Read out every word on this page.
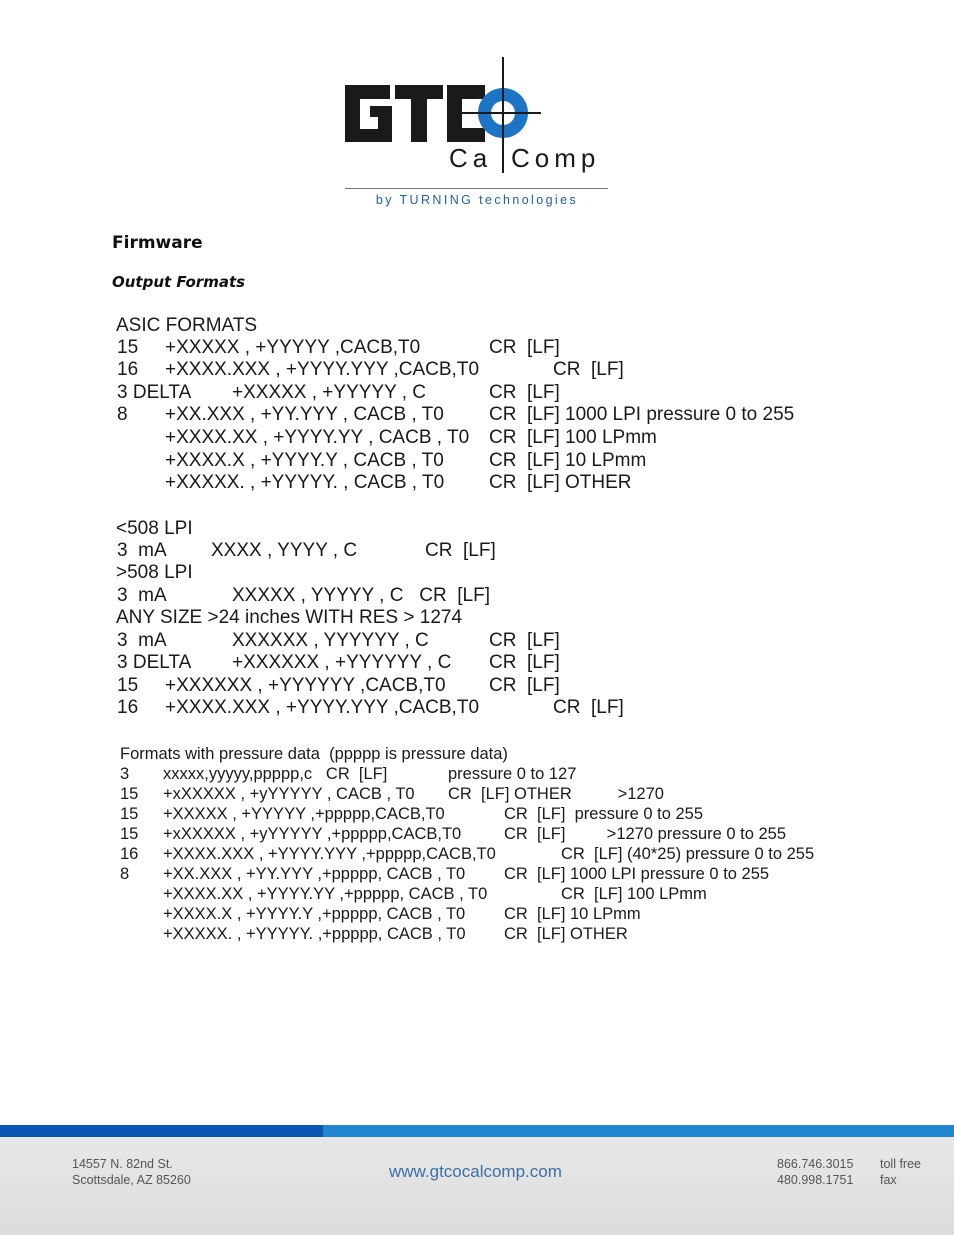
Ca Comp
by TURNING technologies
Firmware
Output Formats
ASIC FORMATS
15 +XXXXX , +YYYYY ,CACB,T0	CR  [LF]
16 +XXXX.XXX , +YYYY.YYY ,CACB,T0	CR  [LF]
3 DELTA +XXXXX , +YYYYY , C	CR  [LF]
8 +XX.XXX , +YY.YYY , CACB , T0 CR  [LF] 1000 LPI pressure 0 to 255
+XXXX.XX , +YYYY.YY , CACB , T0 CR  [LF] 100 LPmm
+XXXX.X , +YYYY.Y , CACB , T0 CR  [LF] 10 LPmm
+XXXXX. , +YYYYY. , CACB , T0 CR  [LF] OTHER
<508 LPI
3  mA XXXX , YYYY , C	CR  [LF]
>508 LPI
3  mA	XXXXX , YYYYY , C   CR  [LF]
ANY SIZE >24 inches WITH RES > 1274
3  mA	XXXXXX , YYYYYY , C	CR  [LF]
3 DELTA +XXXXXX , +YYYYYY , C CR  [LF]
15 +XXXXXX , +YYYYYY ,CACB,T0 CR  [LF]
16 +XXXX.XXX , +YYYY.YYY ,CACB,T0	CR  [LF]
Formats with pressure data  (ppppp is pressure data)
3 xxxxx,yyyyy,ppppp,c   CR  [LF]	pressure 0 to 127
15 +xXXXXX , +yYYYYY , CACB , T0 CR  [LF] OTHER          >1270
15 +XXXXX , +YYYYY ,+ppppp,CACB,T0	CR  [LF]  pressure 0 to 255
15 +xXXXXX , +yYYYYY ,+ppppp,CACB,T0	CR  [LF]         >1270 pressure 0 to 255
16 +XXXX.XXX , +YYYY.YYY ,+ppppp,CACB,T0	CR  [LF] (40*25) pressure 0 to 255
8 +XX.XXX , +YY.YYY ,+ppppp, CACB , T0 CR  [LF] 1000 LPI pressure 0 to 255
+XXXX.XX , +YYYY.YY ,+ppppp, CACB , T0	CR  [LF] 100 LPmm
+XXXX.X , +YYYY.Y ,+ppppp, CACB , T0 CR  [LF] 10 LPmm
+XXXXX. , +YYYYY. ,+ppppp, CACB , T0 CR  [LF] OTHER
14557 N. 82nd St.
Scottsdale, AZ 85260	www.gtcocalcomp.com	866.746.3015
480.998.1751
toll free
fax
